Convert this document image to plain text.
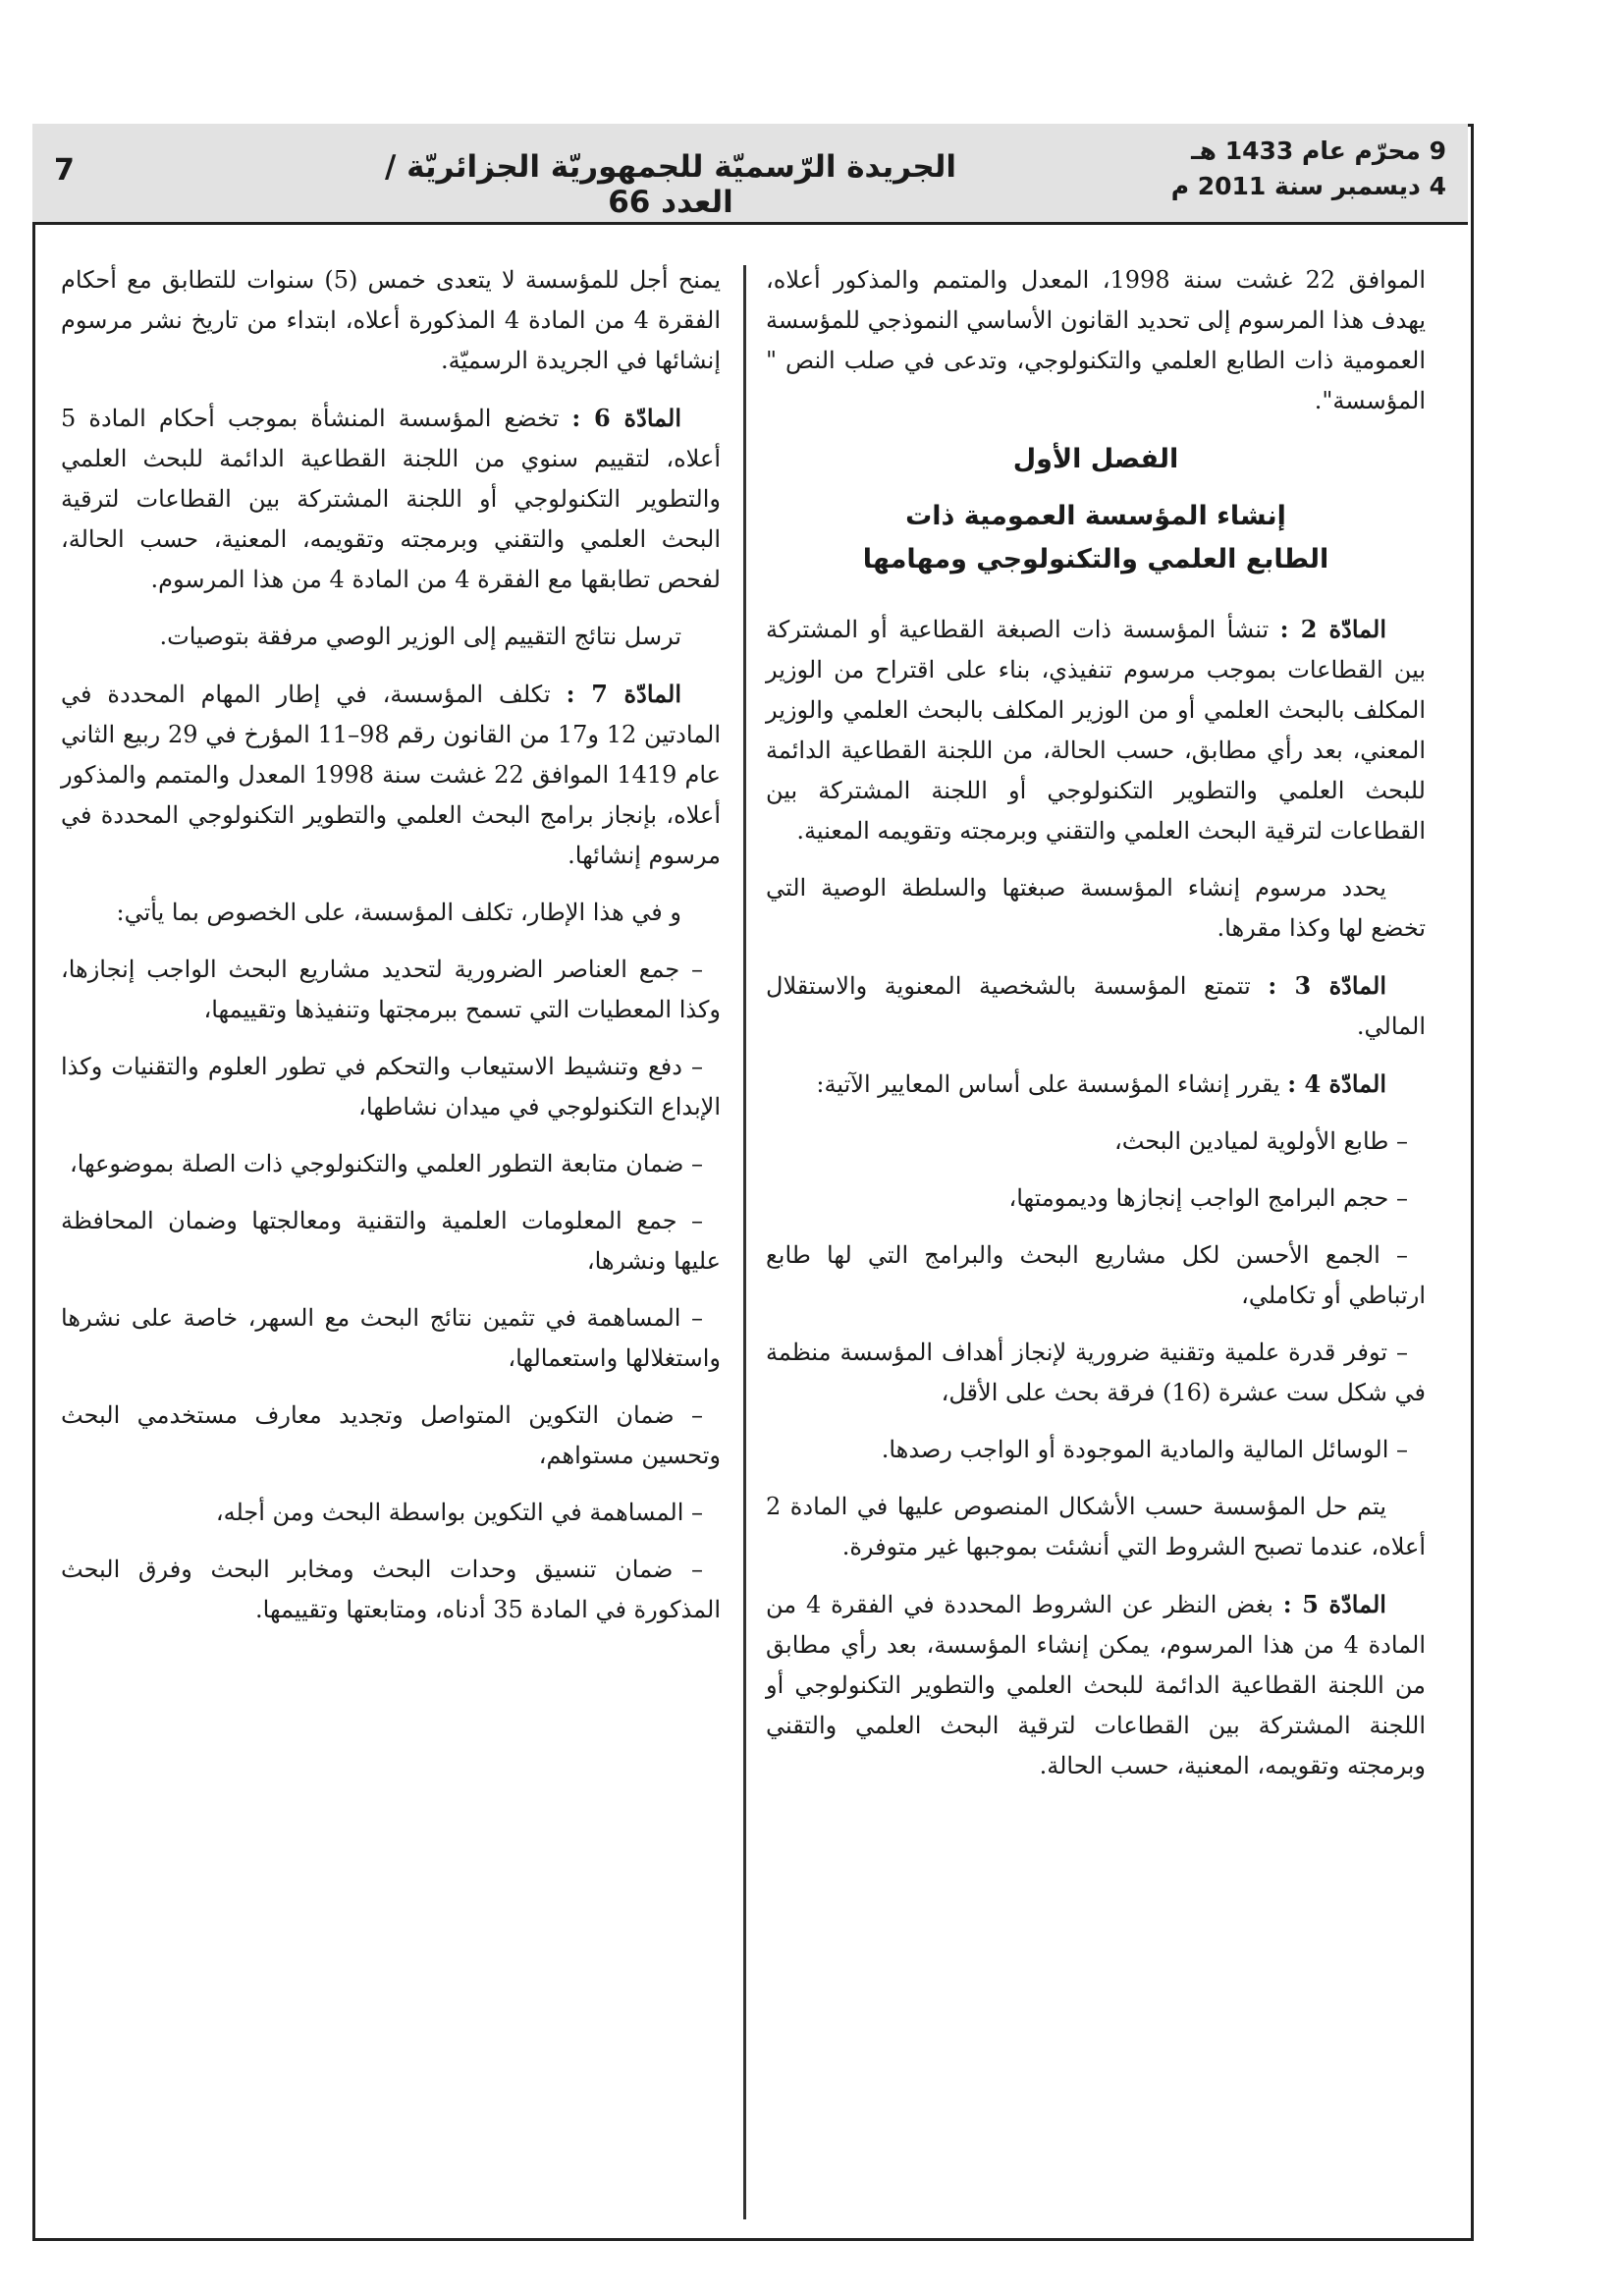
7	الجريدة الرّسميّة للجمهوريّة الجزائريّة / العدد 66
9 محرّم عام 1433 هـ
4 ديسمبر سنة 2011 م

الموافق 22 غشت سنة 1998، المعدل والمتمم والمذكور أعلاه، يهدف هذا المرسوم إلى تحديد القانون الأساسي النموذجي للمؤسسة العمومية ذات الطابع العلمي والتكنولوجي، وتدعى في صلب النص " المؤسسة".

الفصل الأول

إنشاء المؤسسة العمومية ذات

الطابع العلمي والتكنولوجي ومهامها

المادّة 2 : تنشأ المؤسسة ذات الصبغة القطاعية أو المشتركة بين القطاعات بموجب مرسوم تنفيذي، بناء على اقتراح من الوزير المكلف بالبحث العلمي أو من الوزير المكلف بالبحث العلمي والوزير المعني، بعد رأي مطابق، حسب الحالة، من اللجنة القطاعية الدائمة للبحث العلمي والتطوير التكنولوجي أو اللجنة المشتركة بين القطاعات لترقية البحث العلمي والتقني وبرمجته وتقويمه المعنية.

يحدد مرسوم إنشاء المؤسسة صبغتها والسلطة الوصية التي تخضع لها وكذا مقرها.

المادّة 3 : تتمتع المؤسسة بالشخصية المعنوية والاستقلال المالي.

المادّة 4 : يقرر إنشاء المؤسسة على أساس المعايير الآتية:

– طابع الأولوية لميادين البحث،

– حجم البرامج الواجب إنجازها وديمومتها،

– الجمع الأحسن لكل مشاريع البحث والبرامج التي لها طابع ارتباطي أو تكاملي،

– توفر قدرة علمية وتقنية ضرورية لإنجاز أهداف المؤسسة منظمة في شكل ست عشرة (16) فرقة بحث على الأقل،

– الوسائل المالية والمادية الموجودة أو الواجب رصدها.

يتم حل المؤسسة حسب الأشكال المنصوص عليها في المادة 2 أعلاه، عندما تصبح الشروط التي أنشئت بموجبها غير متوفرة.

المادّة 5 : بغض النظر عن الشروط المحددة في الفقرة 4 من المادة 4 من هذا المرسوم، يمكن إنشاء المؤسسة، بعد رأي مطابق من اللجنة القطاعية الدائمة للبحث العلمي والتطوير التكنولوجي أو اللجنة المشتركة بين القطاعات لترقية البحث العلمي والتقني وبرمجته وتقويمه، المعنية، حسب الحالة.

يمنح أجل للمؤسسة لا يتعدى خمس (5) سنوات للتطابق مع أحكام الفقرة 4 من المادة 4 المذكورة أعلاه، ابتداء من تاريخ نشر مرسوم إنشائها في الجريدة الرسميّة.

المادّة 6 : تخضع المؤسسة المنشأة بموجب أحكام المادة 5 أعلاه، لتقييم سنوي من اللجنة القطاعية الدائمة للبحث العلمي والتطوير التكنولوجي أو اللجنة المشتركة بين القطاعات لترقية البحث العلمي والتقني وبرمجته وتقويمه، المعنية، حسب الحالة، لفحص تطابقها مع الفقرة 4 من المادة 4 من هذا المرسوم.

ترسل نتائج التقييم إلى الوزير الوصي مرفقة بتوصيات.

المادّة 7 : تكلف المؤسسة، في إطار المهام المحددة في المادتين 12 و17 من القانون رقم 98–11 المؤرخ في 29 ربيع الثاني عام 1419 الموافق 22 غشت سنة 1998 المعدل والمتمم والمذكور أعلاه، بإنجاز برامج البحث العلمي والتطوير التكنولوجي المحددة في مرسوم إنشائها.

و في هذا الإطار، تكلف المؤسسة، على الخصوص بما يأتي:

– جمع العناصر الضرورية لتحديد مشاريع البحث الواجب إنجازها، وكذا المعطيات التي تسمح ببرمجتها وتنفيذها وتقييمها،

– دفع وتنشيط الاستيعاب والتحكم في تطور العلوم والتقنيات وكذا الإبداع التكنولوجي في ميدان نشاطها،

– ضمان متابعة التطور العلمي والتكنولوجي ذات الصلة بموضوعها،

– جمع المعلومات العلمية والتقنية ومعالجتها وضمان المحافظة عليها ونشرها،

– المساهمة في تثمين نتائج البحث مع السهر، خاصة على نشرها واستغلالها واستعمالها،

– ضمان التكوين المتواصل وتجديد معارف مستخدمي البحث وتحسين مستواهم،

– المساهمة في التكوين بواسطة البحث ومن أجله،

– ضمان تنسيق وحدات البحث ومخابر البحث وفرق البحث المذكورة في المادة 35 أدناه، ومتابعتها وتقييمها.
